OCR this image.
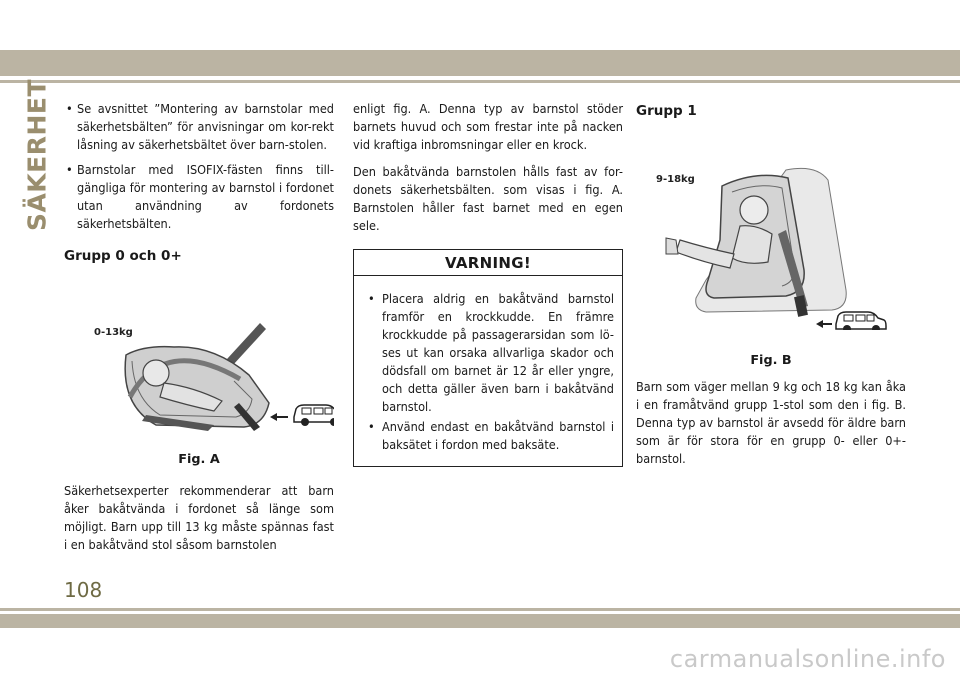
SÄKERHET
•	Se avsnittet ”Montering av barnstolar med säkerhetsbälten” för anvisningar om kor-rekt låsning av säkerhetsbältet över barn-stolen.
• Barnstolar med ISOFIX-fästen finns till-gängliga för montering av barnstol i fordonet utan användning av fordonets säkerhetsbälten.
Grupp 0 och 0+
0-13kg
Fig. A

Säkerhetsexperter rekommenderar att barn åker bakåtvända i fordonet så länge som möjligt. Barn upp till 13 kg måste spännas fast i en bakåtvänd stol såsom barnstolen

enligt fig. A. Denna typ av barnstol stöder barnets huvud och som frestar inte på nacken vid kraftiga inbromsningar eller en krock.

Den bakåtvända barnstolen hålls fast av for-donets säkerhetsbälten. som visas i fig. A. Barnstolen håller fast barnet med en egen sele.

VARNING!
• Placera aldrig en bakåtvänd barnstol framför en krockkudde. En främre krockkudde på passagerarsidan som lö-ses ut kan orsaka allvarliga skador och dödsfall om barnet är 12 år eller yngre, och detta gäller även barn i bakåtvänd barnstol.
• Använd endast en bakåtvänd barnstol i baksätet i fordon med baksäte.
Grupp 1
9-18kg
Fig. B

Barn som väger mellan 9 kg och 18 kg kan åka i en framåtvänd grupp 1-stol som den i fig. B. Denna typ av barnstol är avsedd för äldre barn som är för stora för en grupp 0- eller 0+-barnstol.

108
carmanualsonline.info
